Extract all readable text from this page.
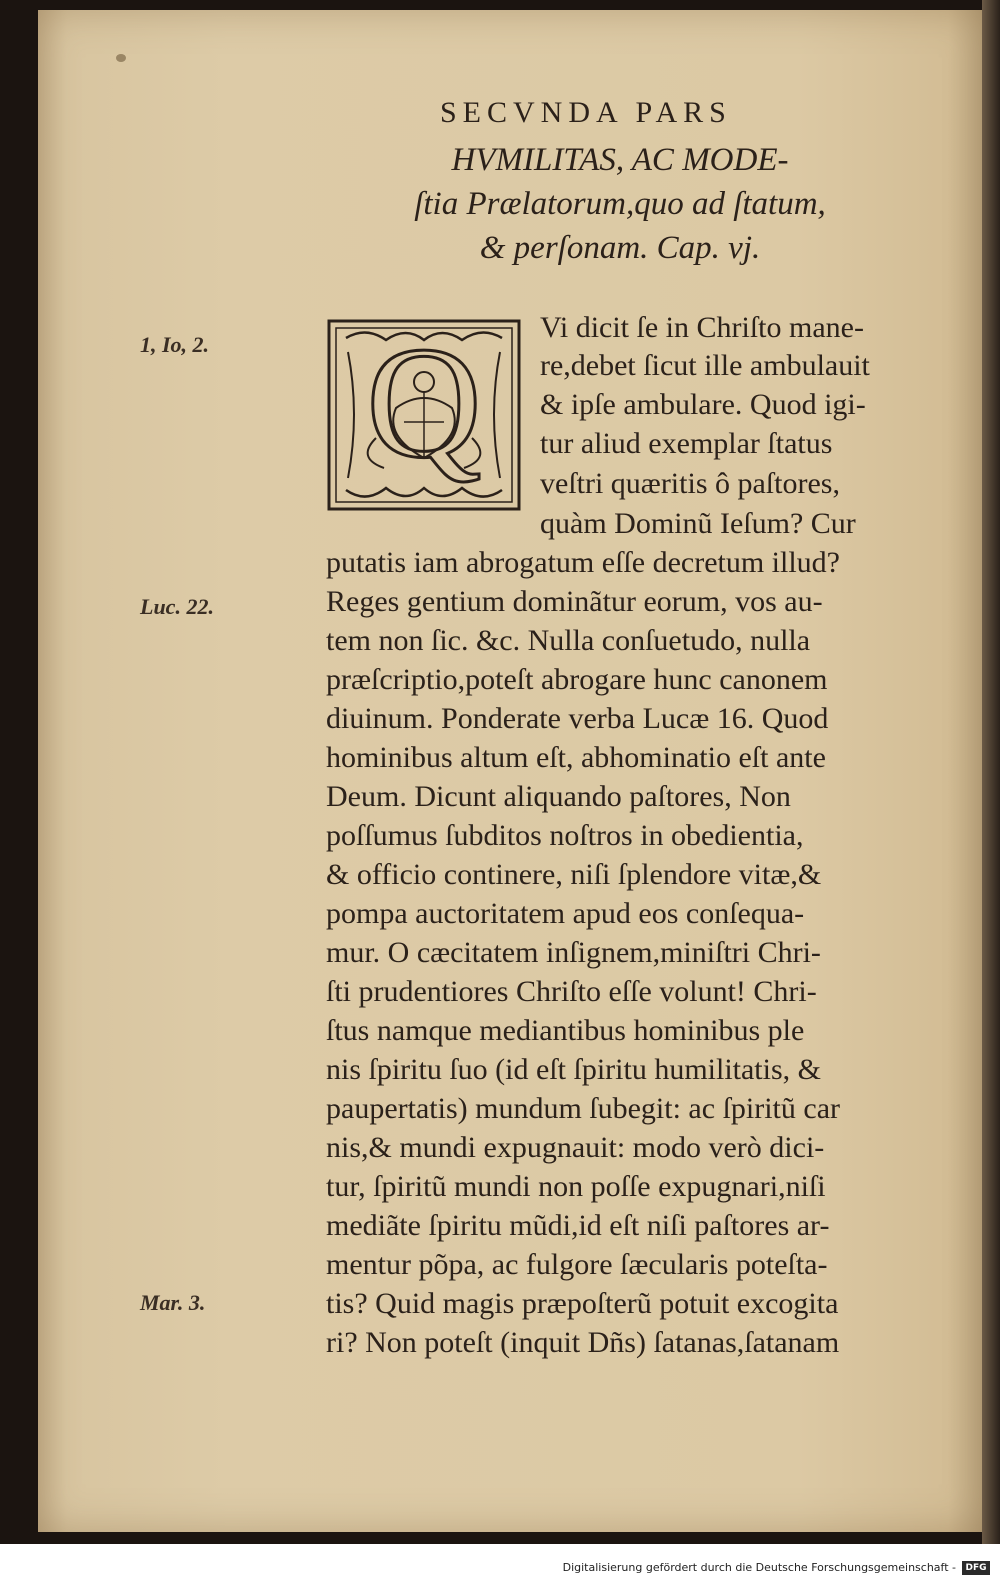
SECVNDA PARS
HVMILITAS, AC MODE-
ſtia Prælatorum,quo ad ſtatum,
& perſonam. Cap. vj.
1, Io, 2.
Luc. 22.
Mar. 3.
Q Vi dicit ſe in Chriſto mane-
re,debet ſicut ille ambulauit
& ipſe ambulare. Quod igi-
tur aliud exemplar ſtatus
veſtri quæritis ô paſtores,
quàm Dominũ Ieſum? Cur
putatis iam abrogatum eſſe decretum illud?
Reges gentium dominãtur eorum, vos au-
tem non ſic. &c. Nulla conſuetudo, nulla
præſcriptio,poteſt abrogare hunc canonem
diuinum. Ponderate verba Lucæ 16. Quod
hominibus altum eſt, abhominatio eſt ante
Deum. Dicunt aliquando paſtores, Non
poſſumus ſubditos noſtros in obedientia,
& officio continere, niſi ſplendore vitæ,&
pompa auctoritatem apud eos conſequa-
mur. O cæcitatem inſignem,miniſtri Chri-
ſti prudentiores Chriſto eſſe volunt! Chri-
ſtus namque mediantibus hominibus ple
nis ſpiritu ſuo (id eſt ſpiritu humilitatis, &
paupertatis) mundum ſubegit: ac ſpiritũ car
nis,& mundi expugnauit: modo verò dici-
tur, ſpiritũ mundi non poſſe expugnari,niſi
mediãte ſpiritu mũdi,id eſt niſi paſtores ar-
mentur põpa, ac fulgore ſæcularis poteſta-
tis? Quid magis præpoſterũ potuit excogita
ri? Non poteſt (inquit Dñs) ſatanas,ſatanam
Digitalisierung gefördert durch die Deutsche Forschungsgemeinschaft -	DFG
